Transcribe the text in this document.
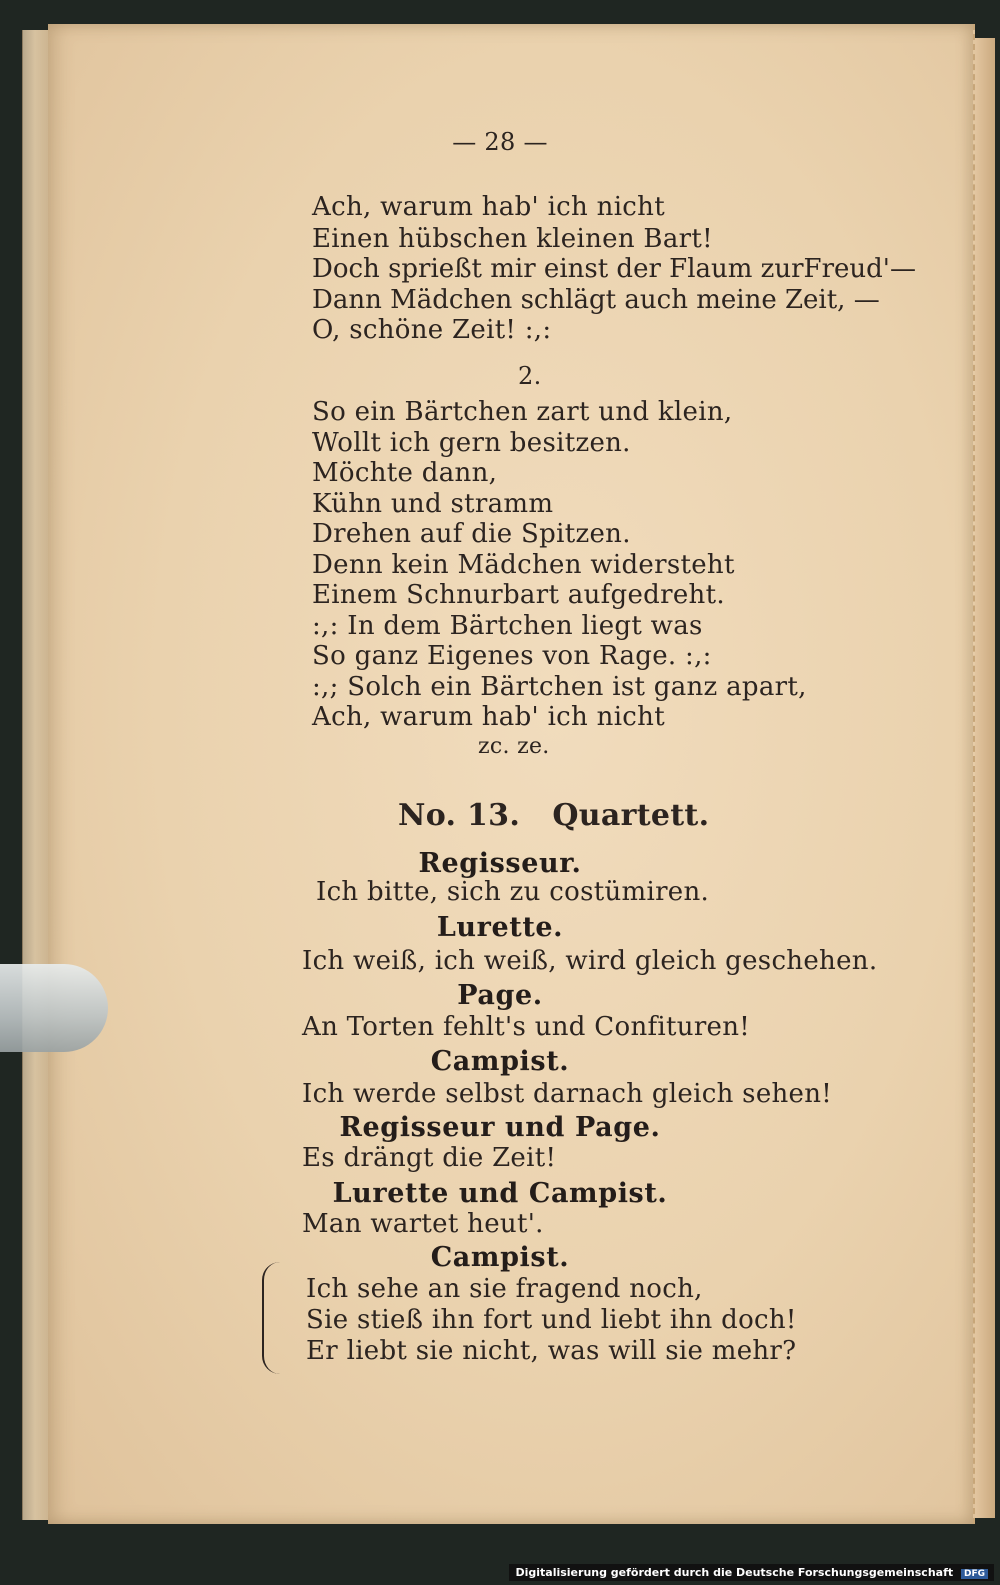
— 28 —
Ach, warum hab' ich nicht
Einen hübschen kleinen Bart!
Doch sprießt mir einst der Flaum zurFreud'—
Dann Mädchen schlägt auch meine Zeit, —
O, schöne Zeit! :,:
2.
So ein Bärtchen zart und klein,
Wollt ich gern besitzen.
Möchte dann,
Kühn und stramm
Drehen auf die Spitzen.
Denn kein Mädchen widersteht
Einem Schnurbart aufgedreht.
:,: In dem Bärtchen liegt was
So ganz Eigenes von Rage. :,:
:,; Solch ein Bärtchen ist ganz apart,
Ach, warum hab' ich nicht
zc. ze.
No. 13.   Quartett.
Regisseur.
Ich bitte, sich zu costümiren.
Lurette.
Ich weiß, ich weiß, wird gleich geschehen.
Page.
An Torten fehlt's und Confituren!
Campist.
Ich werde selbst darnach gleich sehen!
Regisseur und Page.
Es drängt die Zeit!
Lurette und Campist.
Man wartet heut'.
Campist.
Ich sehe an sie fragend noch,
Sie stieß ihn fort und liebt ihn doch!
Er liebt sie nicht, was will sie mehr?
Digitalisierung gefördert durch die Deutsche Forschungsgemeinschaft DFG
